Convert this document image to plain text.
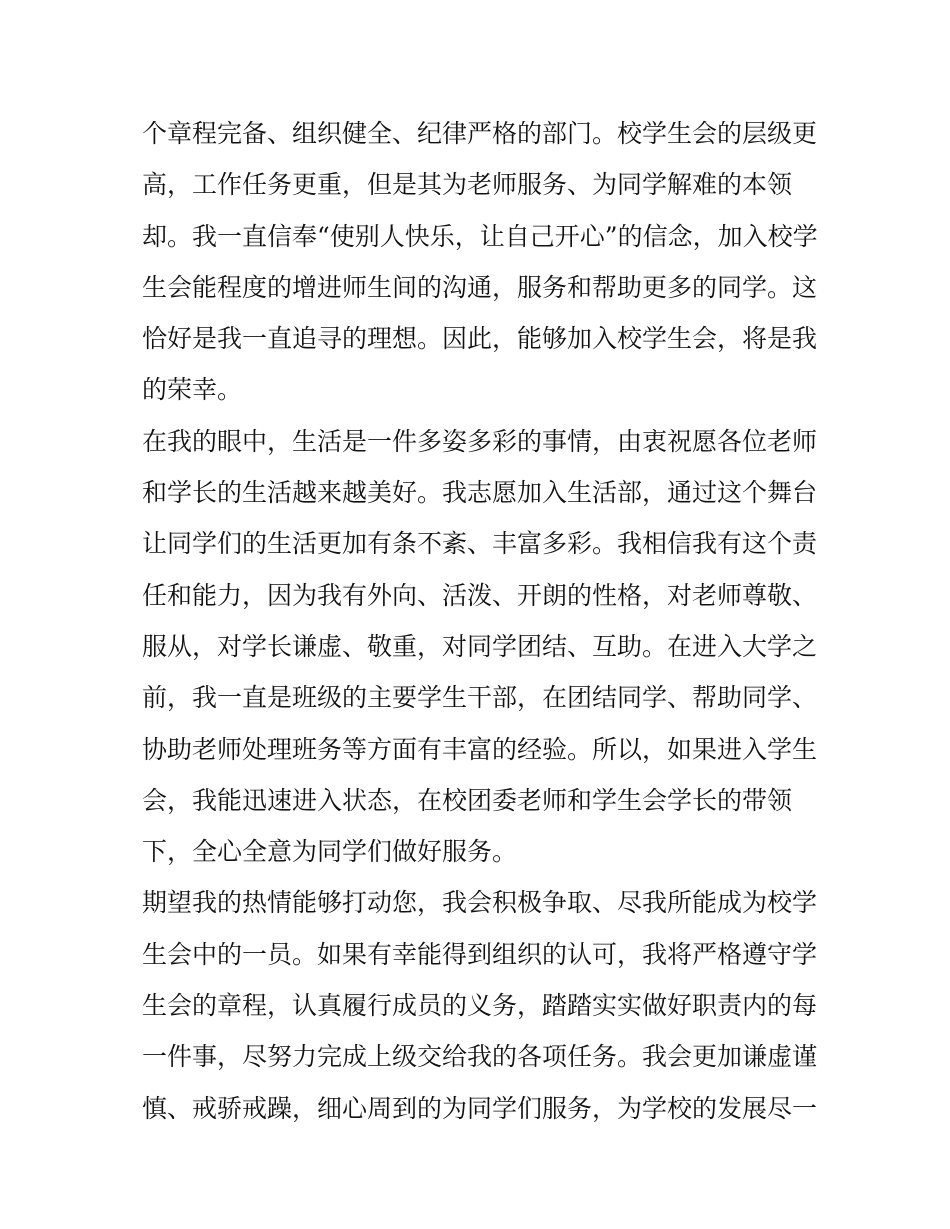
个章程完备、组织健全、纪律严格的部门。校学生会的层级更
高，工作任务更重，但是其为老师服务、为同学解难的本领
却。我一直信奉“使别人快乐，让自己开心”的信念，加入校学
生会能程度的增进师生间的沟通，服务和帮助更多的同学。这
恰好是我一直追寻的理想。因此，能够加入校学生会，将是我
的荣幸。
在我的眼中，生活是一件多姿多彩的事情，由衷祝愿各位老师
和学长的生活越来越美好。我志愿加入生活部，通过这个舞台
让同学们的生活更加有条不紊、丰富多彩。我相信我有这个责
任和能力，因为我有外向、活泼、开朗的性格，对老师尊敬、
服从，对学长谦虚、敬重，对同学团结、互助。在进入大学之
前，我一直是班级的主要学生干部，在团结同学、帮助同学、
协助老师处理班务等方面有丰富的经验。所以，如果进入学生
会，我能迅速进入状态，在校团委老师和学生会学长的带领
下，全心全意为同学们做好服务。
期望我的热情能够打动您，我会积极争取、尽我所能成为校学
生会中的一员。如果有幸能得到组织的认可，我将严格遵守学
生会的章程，认真履行成员的义务，踏踏实实做好职责内的每
一件事，尽努力完成上级交给我的各项任务。我会更加谦虚谨
慎、戒骄戒躁，细心周到的为同学们服务，为学校的发展尽一
